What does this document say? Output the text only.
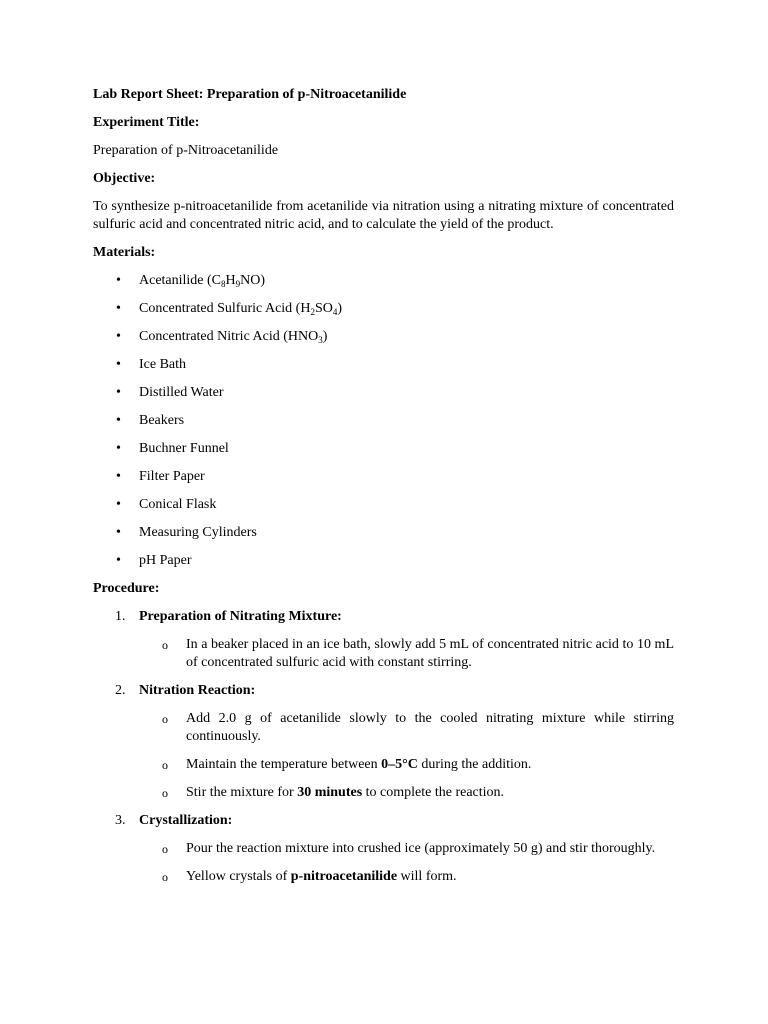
Lab Report Sheet: Preparation of p-Nitroacetanilide
Experiment Title:
Preparation of p-Nitroacetanilide
Objective:
To synthesize p-nitroacetanilide from acetanilide via nitration using a nitrating mixture of concentrated sulfuric acid and concentrated nitric acid, and to calculate the yield of the product.
Materials:
• Acetanilide $(C_8H_9NO)$
• Concentrated Sulfuric Acid $(H_2SO_4)$
• Concentrated Nitric Acid $(HNO_3)$
• Ice Bath
• Distilled Water
• Beakers
• Buchner Funnel
• Filter Paper
• Conical Flask
• Measuring Cylinders
• pH Paper
Procedure:
1. Preparation of Nitrating Mixture:
o In a beaker placed in an ice bath, slowly add 5 mL of concentrated nitric acid to 10 mL of concentrated sulfuric acid with constant stirring.
2. Nitration Reaction:
o Add 2.0 g of acetanilide slowly to the cooled nitrating mixture while stirring continuously.
o Maintain the temperature between 0–5°C during the addition.
o Stir the mixture for 30 minutes to complete the reaction.
3. Crystallization:
o Pour the reaction mixture into crushed ice (approximately 50 g) and stir thoroughly.
o Yellow crystals of p-nitroacetanilide will form.
